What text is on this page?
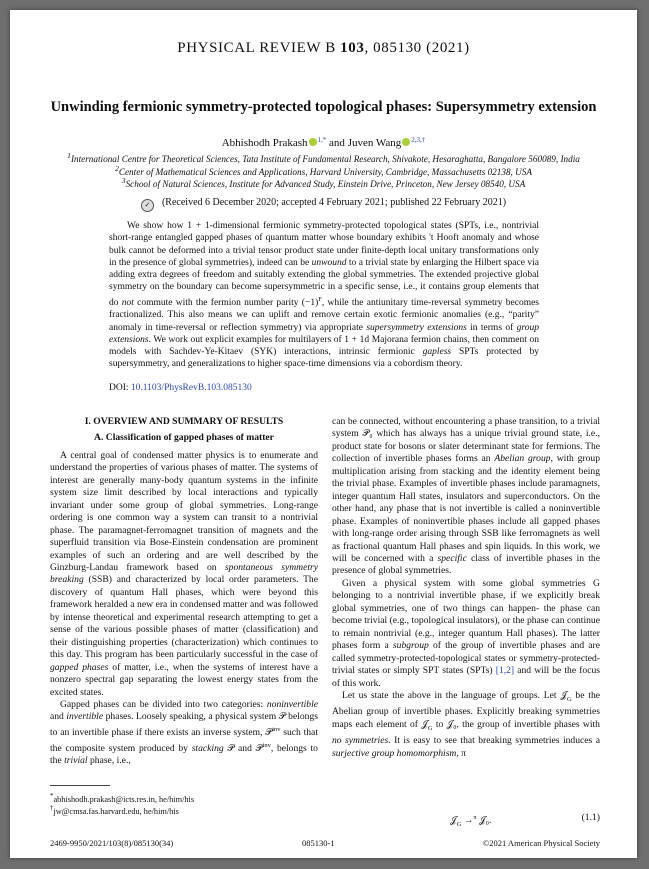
PHYSICAL REVIEW B 103, 085130 (2021)
Unwinding fermionic symmetry-protected topological phases: Supersymmetry extension
Abhishodh Prakash $^{1,*}$ and Juven Wang $^{2,3,\dagger}$
$^1$International Centre for Theoretical Sciences, Tata Institute of Fundamental Research, Shivakote, Hesaraghatta, Bangalore 560089, India
$^2$Center of Mathematical Sciences and Applications, Harvard University, Cambridge, Massachusetts 02138, USA
$^3$School of Natural Sciences, Institute for Advanced Study, Einstein Drive, Princeton, New Jersey 08540, USA
✓ (Received 6 December 2020; accepted 4 February 2021; published 22 February 2021)
We show how 1 + 1-dimensional fermionic symmetry-protected topological states (SPTs, i.e., nontrivial short-range entangled gapped phases of quantum matter whose boundary exhibits 't Hooft anomaly and whose bulk cannot be deformed into a trivial tensor product state under finite-depth local unitary transformations only in the presence of global symmetries), indeed can be unwound to a trivial state by enlarging the Hilbert space via adding extra degrees of freedom and suitably extending the global symmetries. The extended projective global symmetry on the boundary can become supersymmetric in a specific sense, i.e., it contains group elements that do not commute with the fermion number parity $(-1)^F$, while the antiunitary time-reversal symmetry becomes fractionalized. This also means we can uplift and remove certain exotic fermionic anomalies (e.g., “parity” anomaly in time-reversal or reflection symmetry) via appropriate supersymmetry extensions in terms of group extensions. We work out explicit examples for multilayers of 1 + 1d Majorana fermion chains, then comment on models with Sachdev-Ye-Kitaev (SYK) interactions, intrinsic fermionic gapless SPTs protected by supersymmetry, and generalizations to higher space-time dimensions via a cobordism theory.
DOI: 10.1103/PhysRevB.103.085130
I. OVERVIEW AND SUMMARY OF RESULTS
A. Classification of gapped phases of matter

A central goal of condensed matter physics is to enumerate and understand the properties of various phases of matter. The systems of interest are generally many-body quantum systems in the infinite system size limit described by local interactions and typically invariant under some group of global symmetries. Long-range ordering is one common way a system can transit to a nontrivial phase. The paramagnet-ferromagnet transition of magnets and the superfluid transition via Bose-Einstein condensation are prominent examples of such an ordering and are well described by the Ginzburg-Landau framework based on spontaneous symmetry breaking (SSB) and characterized by local order parameters. The discovery of quantum Hall phases, which were beyond this framework heralded a new era in condensed matter and was followed by intense theoretical and experimental research attempting to get a sense of the various possible phases of matter (classification) and their distinguishing properties (characterization) which continues to this day. This program has been particularly successful in the case of gapped phases of matter, i.e., when the systems of interest have a nonzero spectral gap separating the lowest energy states from the excited states.

Gapped phases can be divided into two categories: noninvertible and invertible phases. Loosely speaking, a physical system 𝒫 belongs to an invertible phase if there exists an inverse system, 𝒫$^{inv}$ such that the composite system produced by stacking 𝒫 and 𝒫$^{inv}$, belongs to the trivial phase, i.e.,

*abhishodh.prakash@icts.res.in, he/him/his
†jw@cmsa.fas.harvard.edu, he/him/his

can be connected, without encountering a phase transition, to a trivial system 𝒫₀ which has always has a unique trivial ground state, i.e., product state for bosons or slater determinant state for fermions. The collection of invertible phases forms an Abelian group, with group multiplication arising from stacking and the identity element being the trivial phase. Examples of invertible phases include paramagnets, integer quantum Hall states, insulators and superconductors. On the other hand, any phase that is not invertible is called a noninvertible phase. Examples of noninvertible phases include all gapped phases with long-range order arising through SSB like ferromagnets as well as fractional quantum Hall phases and spin liquids. In this work, we will be concerned with a specific class of invertible phases in the presence of global symmetries.

Given a physical system with some global symmetries G belonging to a nontrivial invertible phase, if we explicitly break global symmetries, one of two things can happen- the phase can become trivial (e.g., topological insulators), or the phase can continue to remain nontrivial (e.g., integer quantum Hall phases). The latter phases form a subgroup of the group of invertible phases and are called symmetry-protected-topological states or symmetry-protected-trivial states or simply SPT states (SPTs) [1,2] and will be the focus of this work.

Let us state the above in the language of groups. Let 𝒥$_G$ be the Abelian group of invertible phases. Explicitly breaking symmetries maps each element of 𝒥$_G$ to 𝒥₀, the group of invertible phases with no symmetries. It is easy to see that breaking symmetries induces a surjective group homomorphism, π

𝒥$_G$ →$^\pi$ 𝒥₀.	(1.1)
2469-9950/2021/103(8)/085130(34)	085130-1	©2021 American Physical Society
